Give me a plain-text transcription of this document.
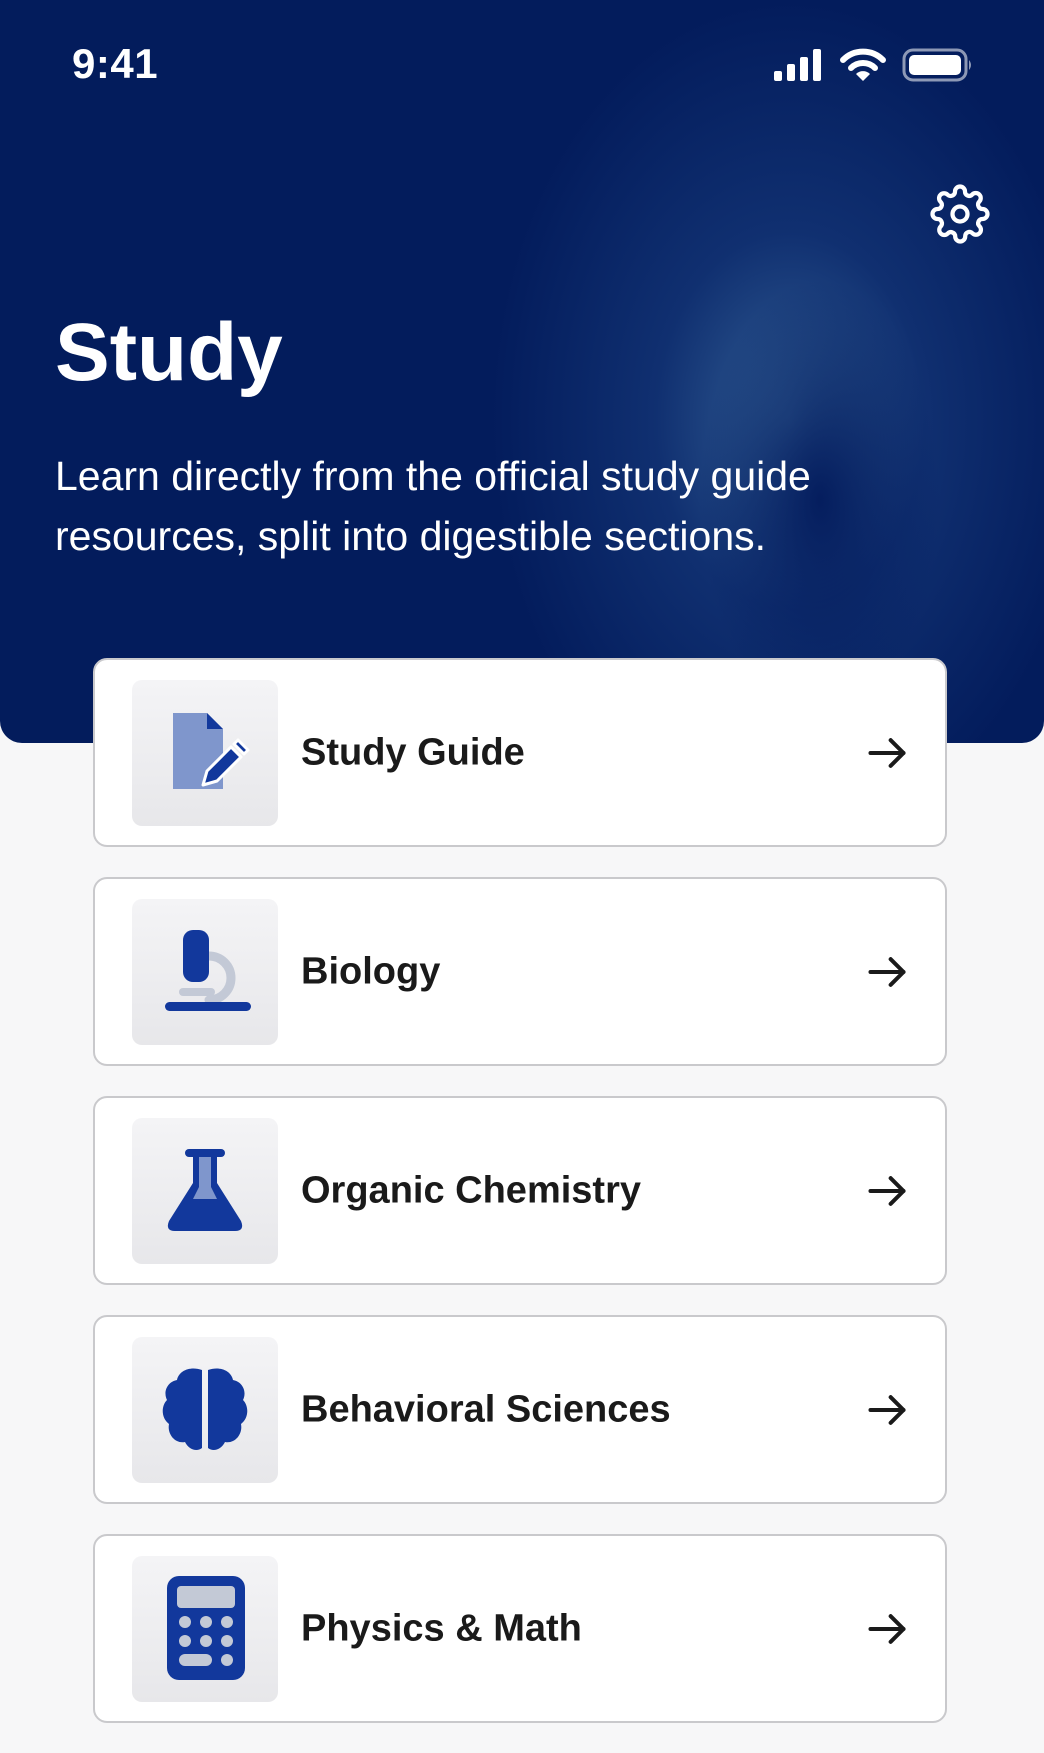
9:41
Study

Learn directly from the official study guide resources, split into digestible sections.

Study Guide
Biology
Organic Chemistry
Behavioral Sciences
Physics & Math
